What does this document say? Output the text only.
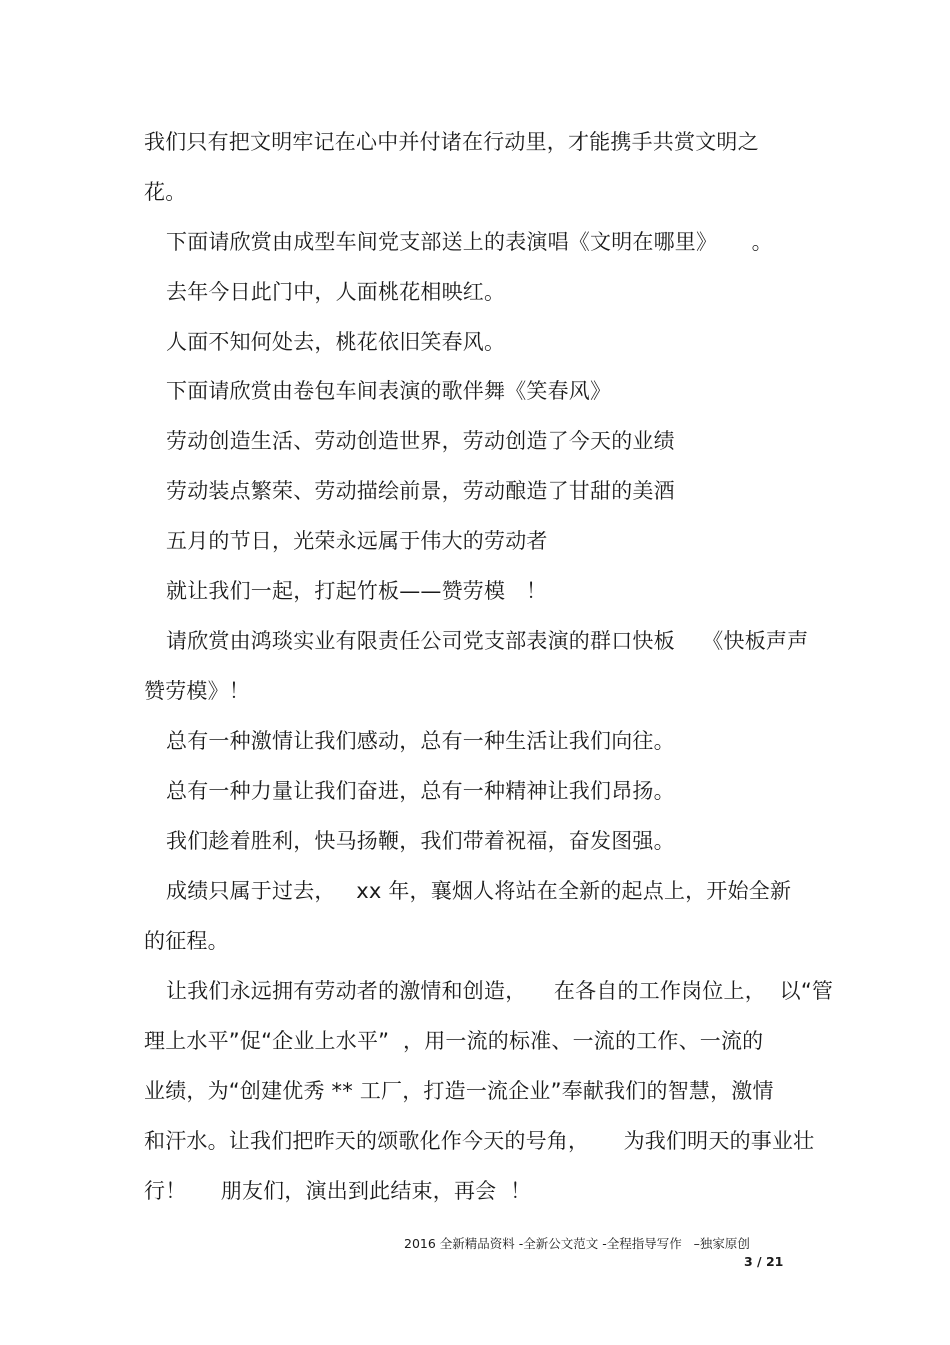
我们只有把文明牢记在心中并付诸在行动里，才能携手共赏文明之
花。
下面请欣赏由成型车间党支部送上的表演唱《文明在哪里》     。
去年今日此门中，人面桃花相映红。
人面不知何处去，桃花依旧笑春风。
下面请欣赏由卷包车间表演的歌伴舞《笑春风》
劳动创造生活、劳动创造世界，劳动创造了今天的业绩
劳动装点繁荣、劳动描绘前景，劳动酿造了甘甜的美酒
五月的节日，光荣永远属于伟大的劳动者
就让我们一起，打起竹板——赞劳模   ！
请欣赏由鸿琰实业有限责任公司党支部表演的群口快板    《快板声声
赞劳模》！
总有一种激情让我们感动，总有一种生活让我们向往。
总有一种力量让我们奋进，总有一种精神让我们昂扬。
我们趁着胜利，快马扬鞭，我们带着祝福，奋发图强。
成绩只属于过去，   xx 年，襄烟人将站在全新的起点上，开始全新
的征程。
让我们永远拥有劳动者的激情和创造，    在各自的工作岗位上，  以“管
理上水平”促“企业上水平”  ，用一流的标准、一流的工作、一流的
业绩，为“创建优秀 ** 工厂，打造一流企业”奉献我们的智慧，激情
和汗水。让我们把昨天的颂歌化作今天的号角，     为我们明天的事业壮
行！     朋友们，演出到此结束，再会  ！
2016 全新精品资料 -全新公文范文 -全程指导写作   –独家原创
3 / 21
